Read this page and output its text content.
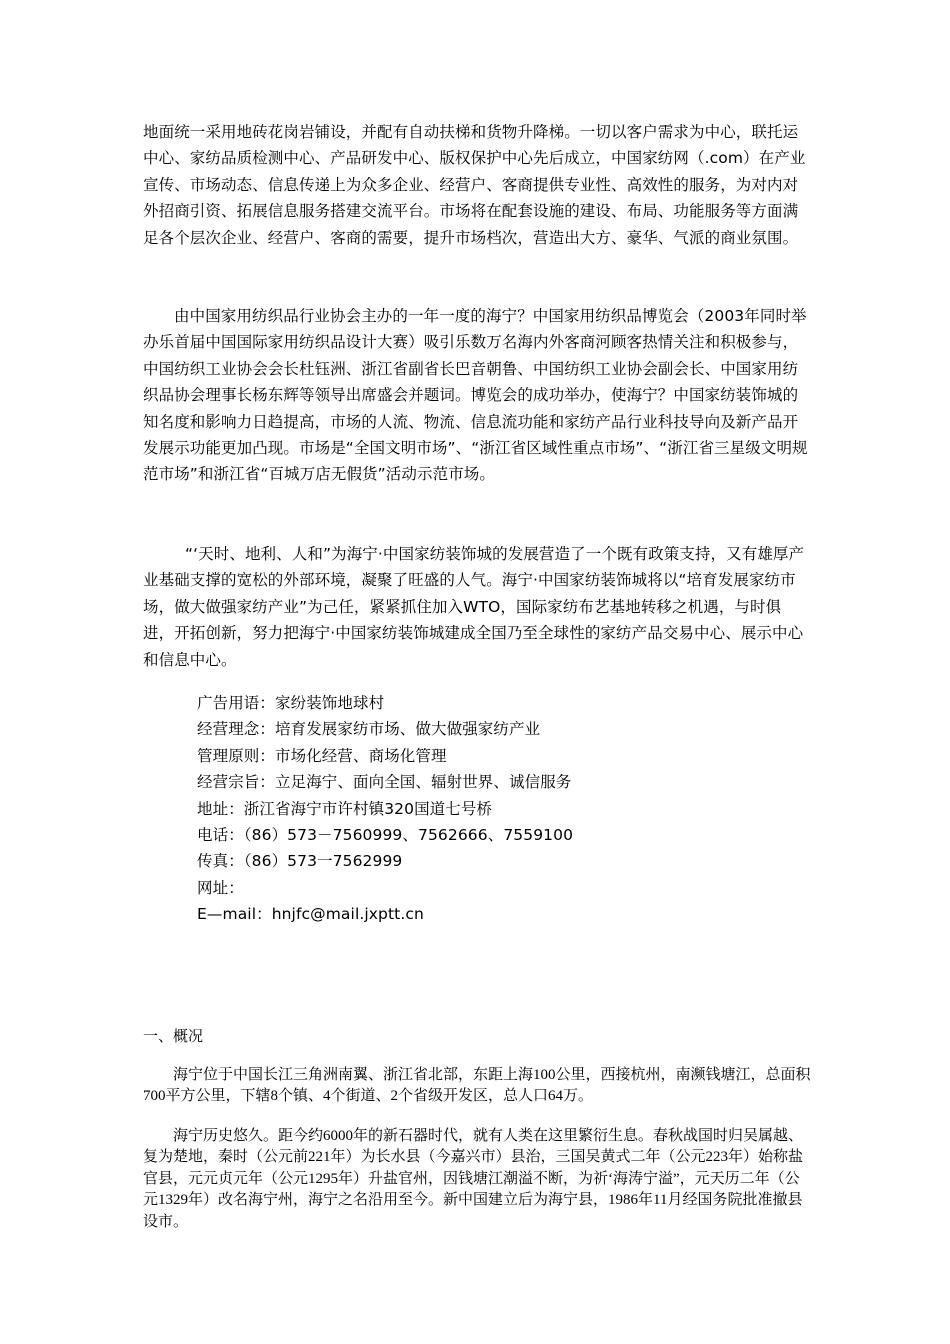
地面统一采用地砖花岗岩铺设，并配有自动扶梯和货物升降梯。一切以客户需求为中心，联托运中心、家纺品质检测中心、产品研发中心、版权保护中心先后成立，中国家纺网（.com）在产业宣传、市场动态、信息传递上为众多企业、经营户、客商提供专业性、高效性的服务，为对内对外招商引资、拓展信息服务搭建交流平台。市场将在配套设施的建设、布局、功能服务等方面满足各个层次企业、经营户、客商的需要，提升市场档次，营造出大方、豪华、气派的商业氛围。

由中国家用纺织品行业协会主办的一年一度的海宁？中国家用纺织品博览会（2003年同时举办乐首届中国国际家用纺织品设计大赛）吸引乐数万名海内外客商河顾客热情关注和积极参与，中国纺织工业协会会长杜钰洲、浙江省副省长巴音朝鲁、中国纺织工业协会副会长、中国家用纺织品协会理事长杨东辉等领导出席盛会并题词。博览会的成功举办，使海宁？中国家纺装饰城的知名度和影响力日趋提高，市场的人流、物流、信息流功能和家纺产品行业科技导向及新产品开发展示功能更加凸现。市场是“全国文明市场”、“浙江省区域性重点市场”、“浙江省三星级文明规范市场”和浙江省“百城万店无假货”活动示范市场。

“‘天时、地利、人和”为海宁·中国家纺装饰城的发展营造了一个既有政策支持，又有雄厚产业基础支撑的宽松的外部环境，凝聚了旺盛的人气。海宁·中国家纺装饰城将以“培育发展家纺市场，做大做强家纺产业”为己任，紧紧抓住加入WTO，国际家纺布艺基地转移之机遇，与时俱进，开拓创新，努力把海宁·中国家纺装饰城建成全国乃至全球性的家纺产品交易中心、展示中心和信息中心。

广告用语：家纷装饰地球村
经营理念：培育发展家纺市场、做大做强家纺产业
管理原则：市场化经营、商场化管理
经营宗旨：立足海宁、面向全国、辐射世界、诚信服务
地址：浙江省海宁市许村镇320国道七号桥
电话：（86）573－7560999、7562666、7559100
传真：（86）573一7562999
网址：
E—mail：hnjfc@mail.jxptt.cn
一、概况

海宁位于中国长江三角洲南翼、浙江省北部，东距上海100公里，西接杭州，南濒钱塘江，总面积700平方公里，下辖8个镇、4个街道、2个省级开发区，总人口64万。

海宁历史悠久。距今约6000年的新石器时代，就有人类在这里繁衍生息。春秋战国时归吴属越、复为楚地，秦时（公元前221年）为长水县（今嘉兴市）县治，三国吴黄式二年（公元223年）始称盐官县，元元贞元年（公元1295年）升盐官州，因钱塘江潮溢不断，为祈‘海涛宁溢”，元天历二年（公元1329年）改名海宁州，海宁之名沿用至今。新中国建立后为海宁县，1986年11月经国务院批准撤县设市。
